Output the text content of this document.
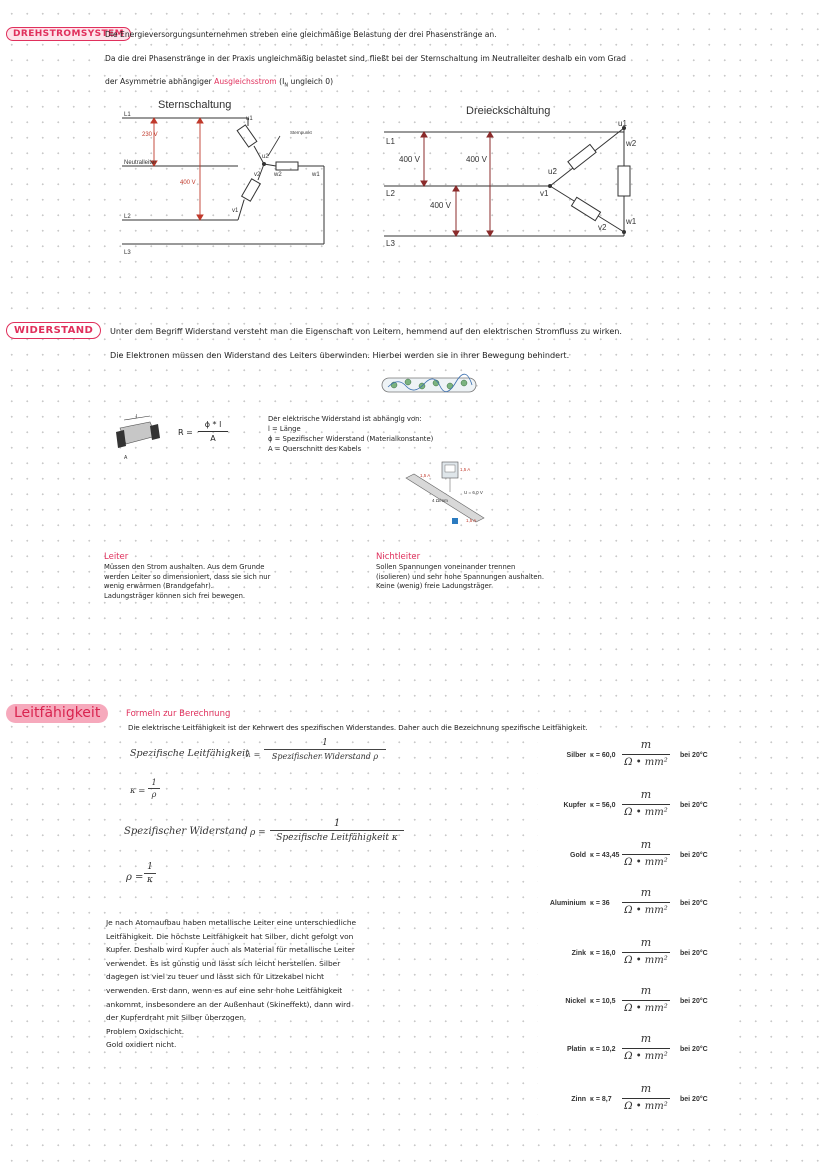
DREHSTROMSYSTEM
Die Energieversorgungsunternehmen streben eine gleichmäßige Belastung der drei Phasenstränge an.
Da die drei Phasenstränge in der Praxis ungleichmäßig belastet sind, fließt bei der Sternschaltung im Neutralleiter deshalb ein vom Grad
der Asymmetrie abhängiger Ausgleichsstrom ($I_N$ ungleich 0)
Sternschaltung
L1
Neutralleiter
L2
L3
230 V
400 V
u1
u2
v2
v1
w2	w1
Sternpunkt
Dreieckschaltung
L1
L2
L3
400 V	400 V
400 V
u1
w2
u2
v1
w1
v2
WIDERSTAND	Unter dem Begriff Widerstand versteht man die Eigenschaft von Leitern, hemmend auf den elektrischen Stromfluss zu wirken.
Die Elektronen müssen den Widerstand des Leiters überwinden. Hierbei werden sie in ihrer Bewegung behindert.
l
A
R =
ϕ * l
A
Der elektrische Widerstand ist abhängig von:
l = Länge
ϕ = Spezifischer Widerstand (Materialkonstante)
A = Querschnitt des Kabels
1,5 A
1,5 A
1,5 A
U = 6,0 V
4 Ω/mm
Leiter
Müssen den Strom aushalten. Aus dem Grunde
werden Leiter so dimensioniert, dass sie sich nur
wenig erwärmen (Brandgefahr).
Ladungsträger können sich frei bewegen.
Nichtleiter
Sollen Spannungen voneinander trennen
(isolieren) und sehr hohe Spannungen aushalten.
Keine (wenig) freie Ladungsträger
Leitfähigkeit	Formeln zur Berechnung
Die elektrische Leitfähigkeit ist der Kehrwert des spezifischen Widerstandes. Daher auch die Bezeichnung spezifische Leitfähigkeit.
Spezifische Leitfähigkeit
λ =
1
Spezifischer Widerstand ρ
κ =
1
ρ
Spezifischer Widerstand ρ =
1
Spezifische Leitfähigkeit κ
ρ =
1
κ
Je nach Atomaufbau haben metallische Leiter eine unterschiedliche
Leitfähigkeit. Die höchste Leitfähigkeit hat Silber, dicht gefolgt von
Kupfer. Deshalb wird Kupfer auch als Material für metallische Leiter
verwendet. Es ist günstig und lässt sich leicht herstellen. Silber
dagegen ist viel zu teuer und lässt sich für Litzekabel nicht
verwenden. Erst dann, wenn es auf eine sehr hohe Leitfähigkeit
ankommt, insbesondere an der Außenhaut (Skineffekt), dann wird
der Kupferdraht mit Silber überzogen.
Problem Oxidschicht.
Gold oxidiert nicht.
Silber κ = 60,0
m
Ω • mm²
bei 20°C
Kupfer κ = 56,0
m
Ω • mm²
bei 20°C
Gold κ = 43,45
m
Ω • mm²
bei 20°C
Aluminium κ = 36
m
Ω • mm²
bei 20°C
Zink κ = 16,0
m
Ω • mm²
bei 20°C
Nickel κ = 10,5
m
Ω • mm²
bei 20°C
Platin κ = 10,2
m
Ω • mm²
bei 20°C
Zinn κ = 8,7
m
Ω • mm²
bei 20°C
